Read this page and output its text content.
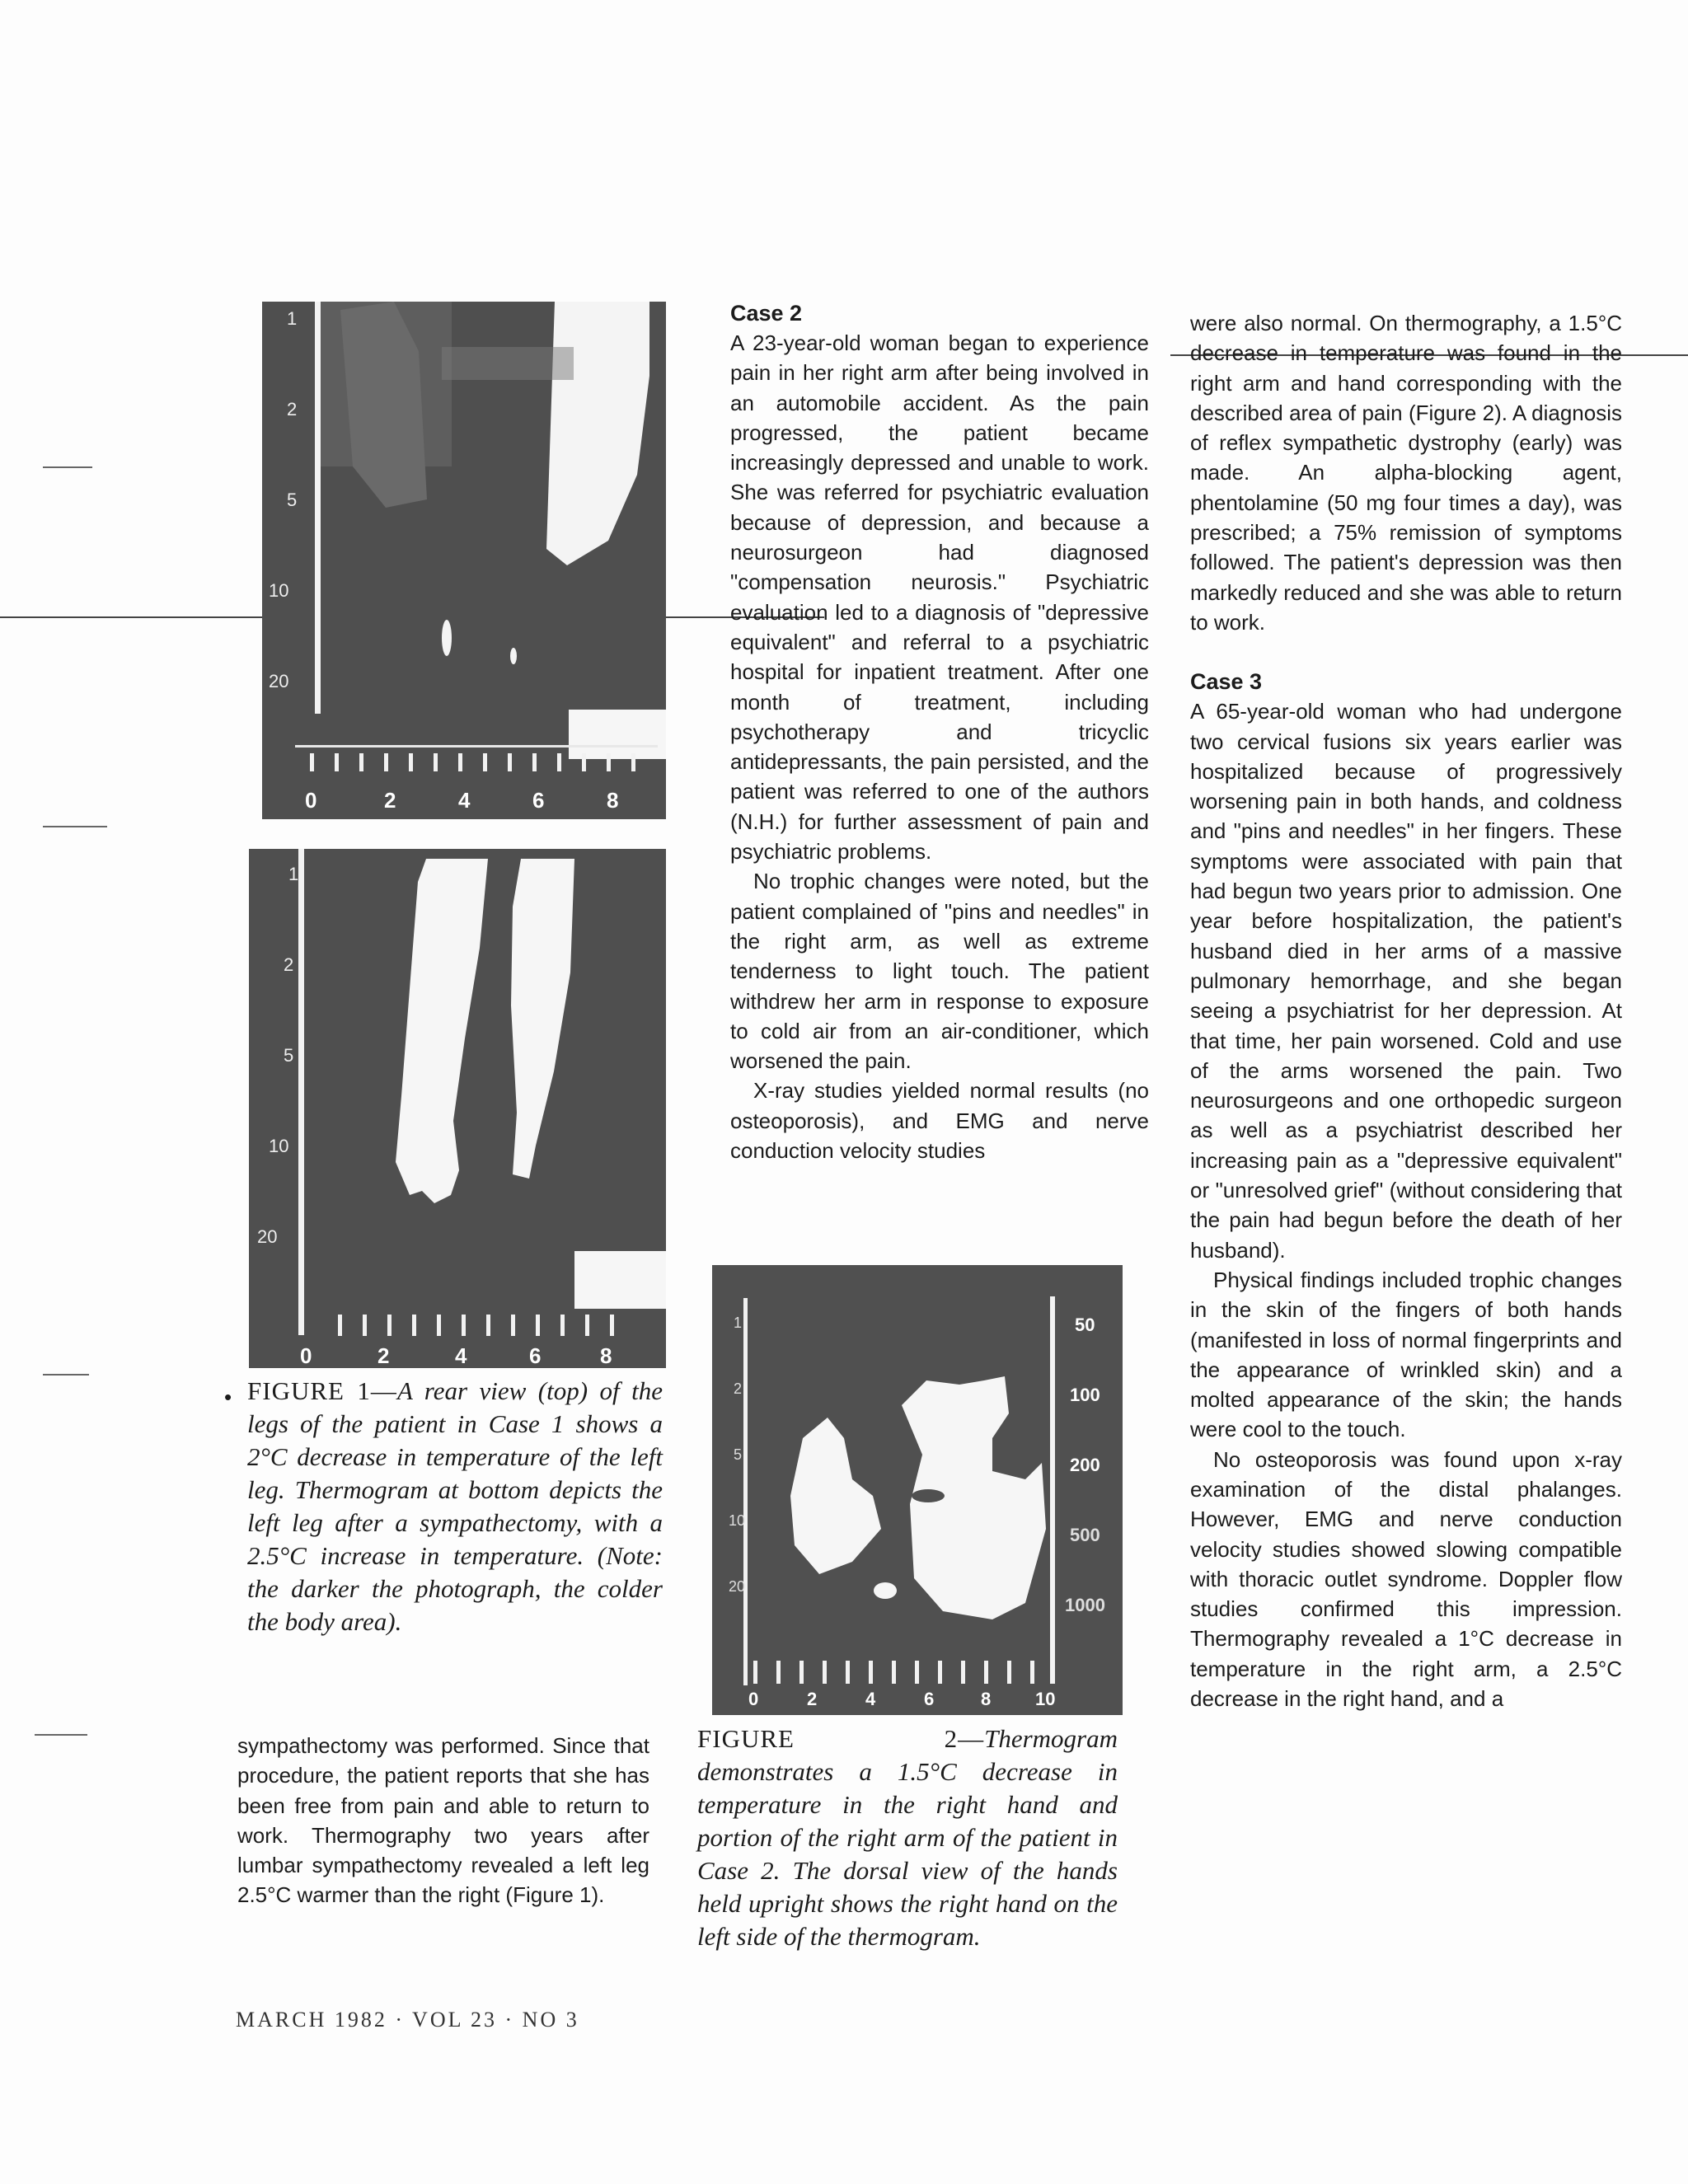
1
2
5
10
20
0	2	4	6	8
1
2
5
10
20
0	2	4	6	8
• FIGURE 1—A rear view (top) of the legs of the patient in Case 1 shows a 2°C decrease in temperature of the left leg. Thermogram at bottom depicts the left leg after a sympathectomy, with a 2.5°C increase in temperature. (Note: the darker the photograph, the colder the body area).

sympathectomy was performed. Since that procedure, the patient reports that she has been free from pain and able to return to work. Thermography two years after lumbar sympathectomy revealed a left leg 2.5°C warmer than the right (Figure 1).

Case 2

A 23-year-old woman began to experience pain in her right arm after being involved in an automobile accident. As the pain progressed, the patient became increasingly depressed and unable to work. She was referred for psychiatric evaluation because of depression, and because a neurosurgeon had diagnosed "compensation neurosis." Psychiatric evaluation led to a diagnosis of "depressive equivalent" and referral to a psychiatric hospital for inpatient treatment. After one month of treatment, including psychotherapy and tricyclic antidepressants, the pain persisted, and the patient was referred to one of the authors (N.H.) for further assessment of pain and psychiatric problems.

No trophic changes were noted, but the patient complained of "pins and needles" in the right arm, as well as extreme tenderness to light touch. The patient withdrew her arm in response to exposure to cold air from an air-conditioner, which worsened the pain.

X-ray studies yielded normal results (no osteoporosis), and EMG and nerve conduction velocity studies

1
2
5
10
20
50
100
200
500
1000
0	2	4	6	8 10
FIGURE 2—Thermogram demonstrates a 1.5°C decrease in temperature in the right hand and portion of the right arm of the patient in Case 2. The dorsal view of the hands held upright shows the right hand on the left side of the thermogram.

were also normal. On thermography, a 1.5°C decrease in temperature was found in the right arm and hand corresponding with the described area of pain (Figure 2). A diagnosis of reflex sympathetic dystrophy (early) was made. An alpha-blocking agent, phentolamine (50 mg four times a day), was prescribed; a 75% remission of symptoms followed. The patient's depression was then markedly reduced and she was able to return to work.

Case 3

A 65-year-old woman who had undergone two cervical fusions six years earlier was hospitalized because of progressively worsening pain in both hands, and coldness and "pins and needles" in her fingers. These symptoms were associated with pain that had begun two years prior to admission. One year before hospitalization, the patient's husband died in her arms of a massive pulmonary hemorrhage, and she began seeing a psychiatrist for her depression. At that time, her pain worsened. Cold and use of the arms worsened the pain. Two neurosurgeons and one orthopedic surgeon as well as a psychiatrist described her increasing pain as a "depressive equivalent" or "unresolved grief" (without considering that the pain had begun before the death of her husband).

Physical findings included trophic changes in the skin of the fingers of both hands (manifested in loss of normal fingerprints and the appearance of wrinkled skin) and a molted appearance of the skin; the hands were cool to the touch.

No osteoporosis was found upon x-ray examination of the distal phalanges. However, EMG and nerve conduction velocity studies showed slowing compatible with thoracic outlet syndrome. Doppler flow studies confirmed this impression. Thermography revealed a 1°C decrease in temperature in the right arm, a 2.5°C decrease in the right hand, and a

MARCH 1982 · VOL 23 · NO 3
